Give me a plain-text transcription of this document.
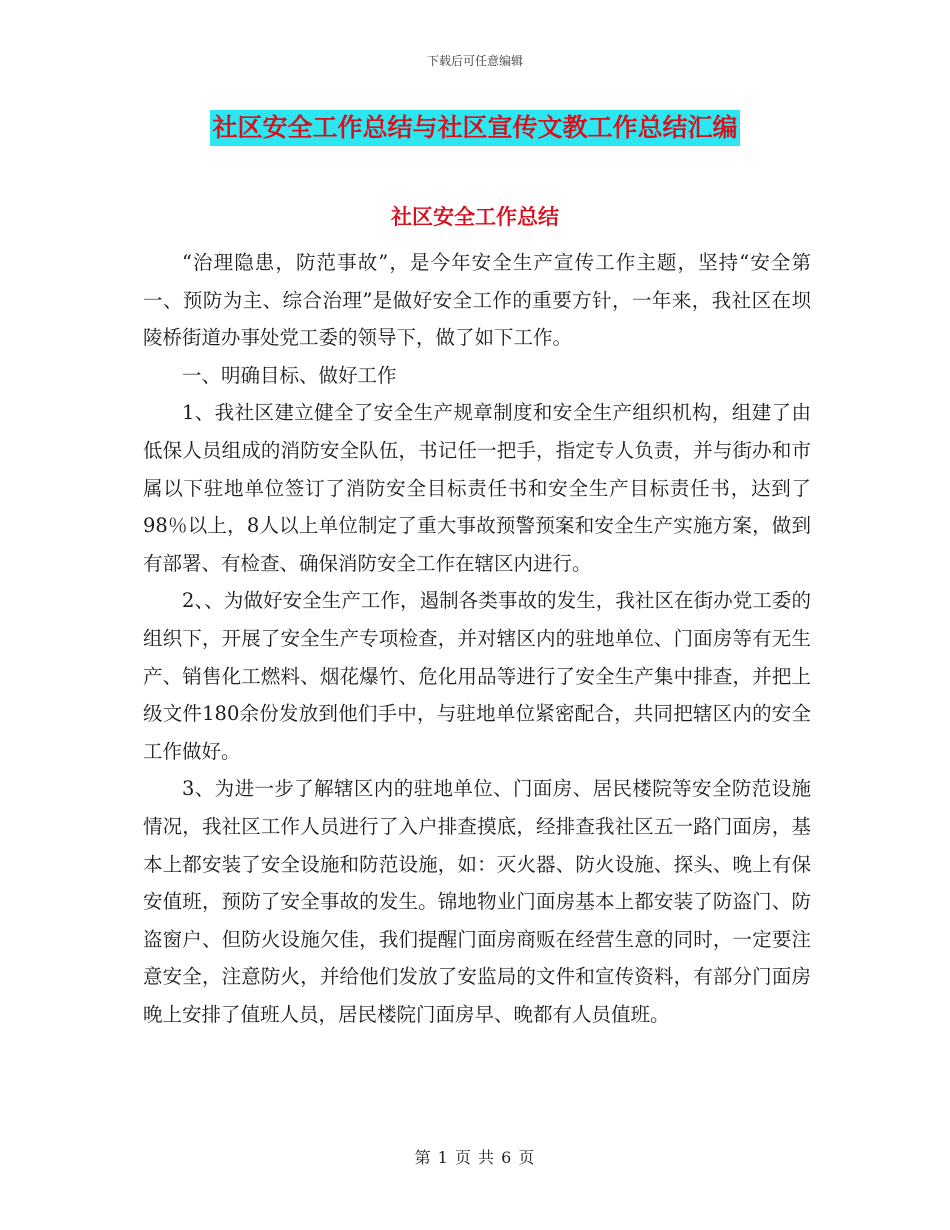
下载后可任意编辑
社区安全工作总结与社区宣传文教工作总结汇编
社区安全工作总结

“治理隐患，防范事故”，是今年安全生产宣传工作主题，坚持“安全第一、预防为主、综合治理”是做好安全工作的重要方针，一年来，我社区在坝陵桥街道办事处党工委的领导下，做了如下工作。

一、明确目标、做好工作

1、我社区建立健全了安全生产规章制度和安全生产组织机构，组建了由低保人员组成的消防安全队伍，书记任一把手，指定专人负责，并与街办和市属以下驻地单位签订了消防安全目标责任书和安全生产目标责任书，达到了98％以上，8人以上单位制定了重大事故预警预案和安全生产实施方案，做到有部署、有检查、确保消防安全工作在辖区内进行。

2、、为做好安全生产工作，遏制各类事故的发生，我社区在街办党工委的组织下，开展了安全生产专项检查，并对辖区内的驻地单位、门面房等有无生产、销售化工燃料、烟花爆竹、危化用品等进行了安全生产集中排查，并把上级文件180余份发放到他们手中，与驻地单位紧密配合，共同把辖区内的安全工作做好。

3、为进一步了解辖区内的驻地单位、门面房、居民楼院等安全防范设施情况，我社区工作人员进行了入户排查摸底，经排查我社区五一路门面房，基本上都安装了安全设施和防范设施，如：灭火器、防火设施、探头、晚上有保安值班，预防了安全事故的发生。锦地物业门面房基本上都安装了防盗门、防盗窗户、但防火设施欠佳，我们提醒门面房商贩在经营生意的同时，一定要注意安全，注意防火，并给他们发放了安监局的文件和宣传资料，有部分门面房晚上安排了值班人员，居民楼院门面房早、晚都有人员值班。

第 1 页 共 6 页
